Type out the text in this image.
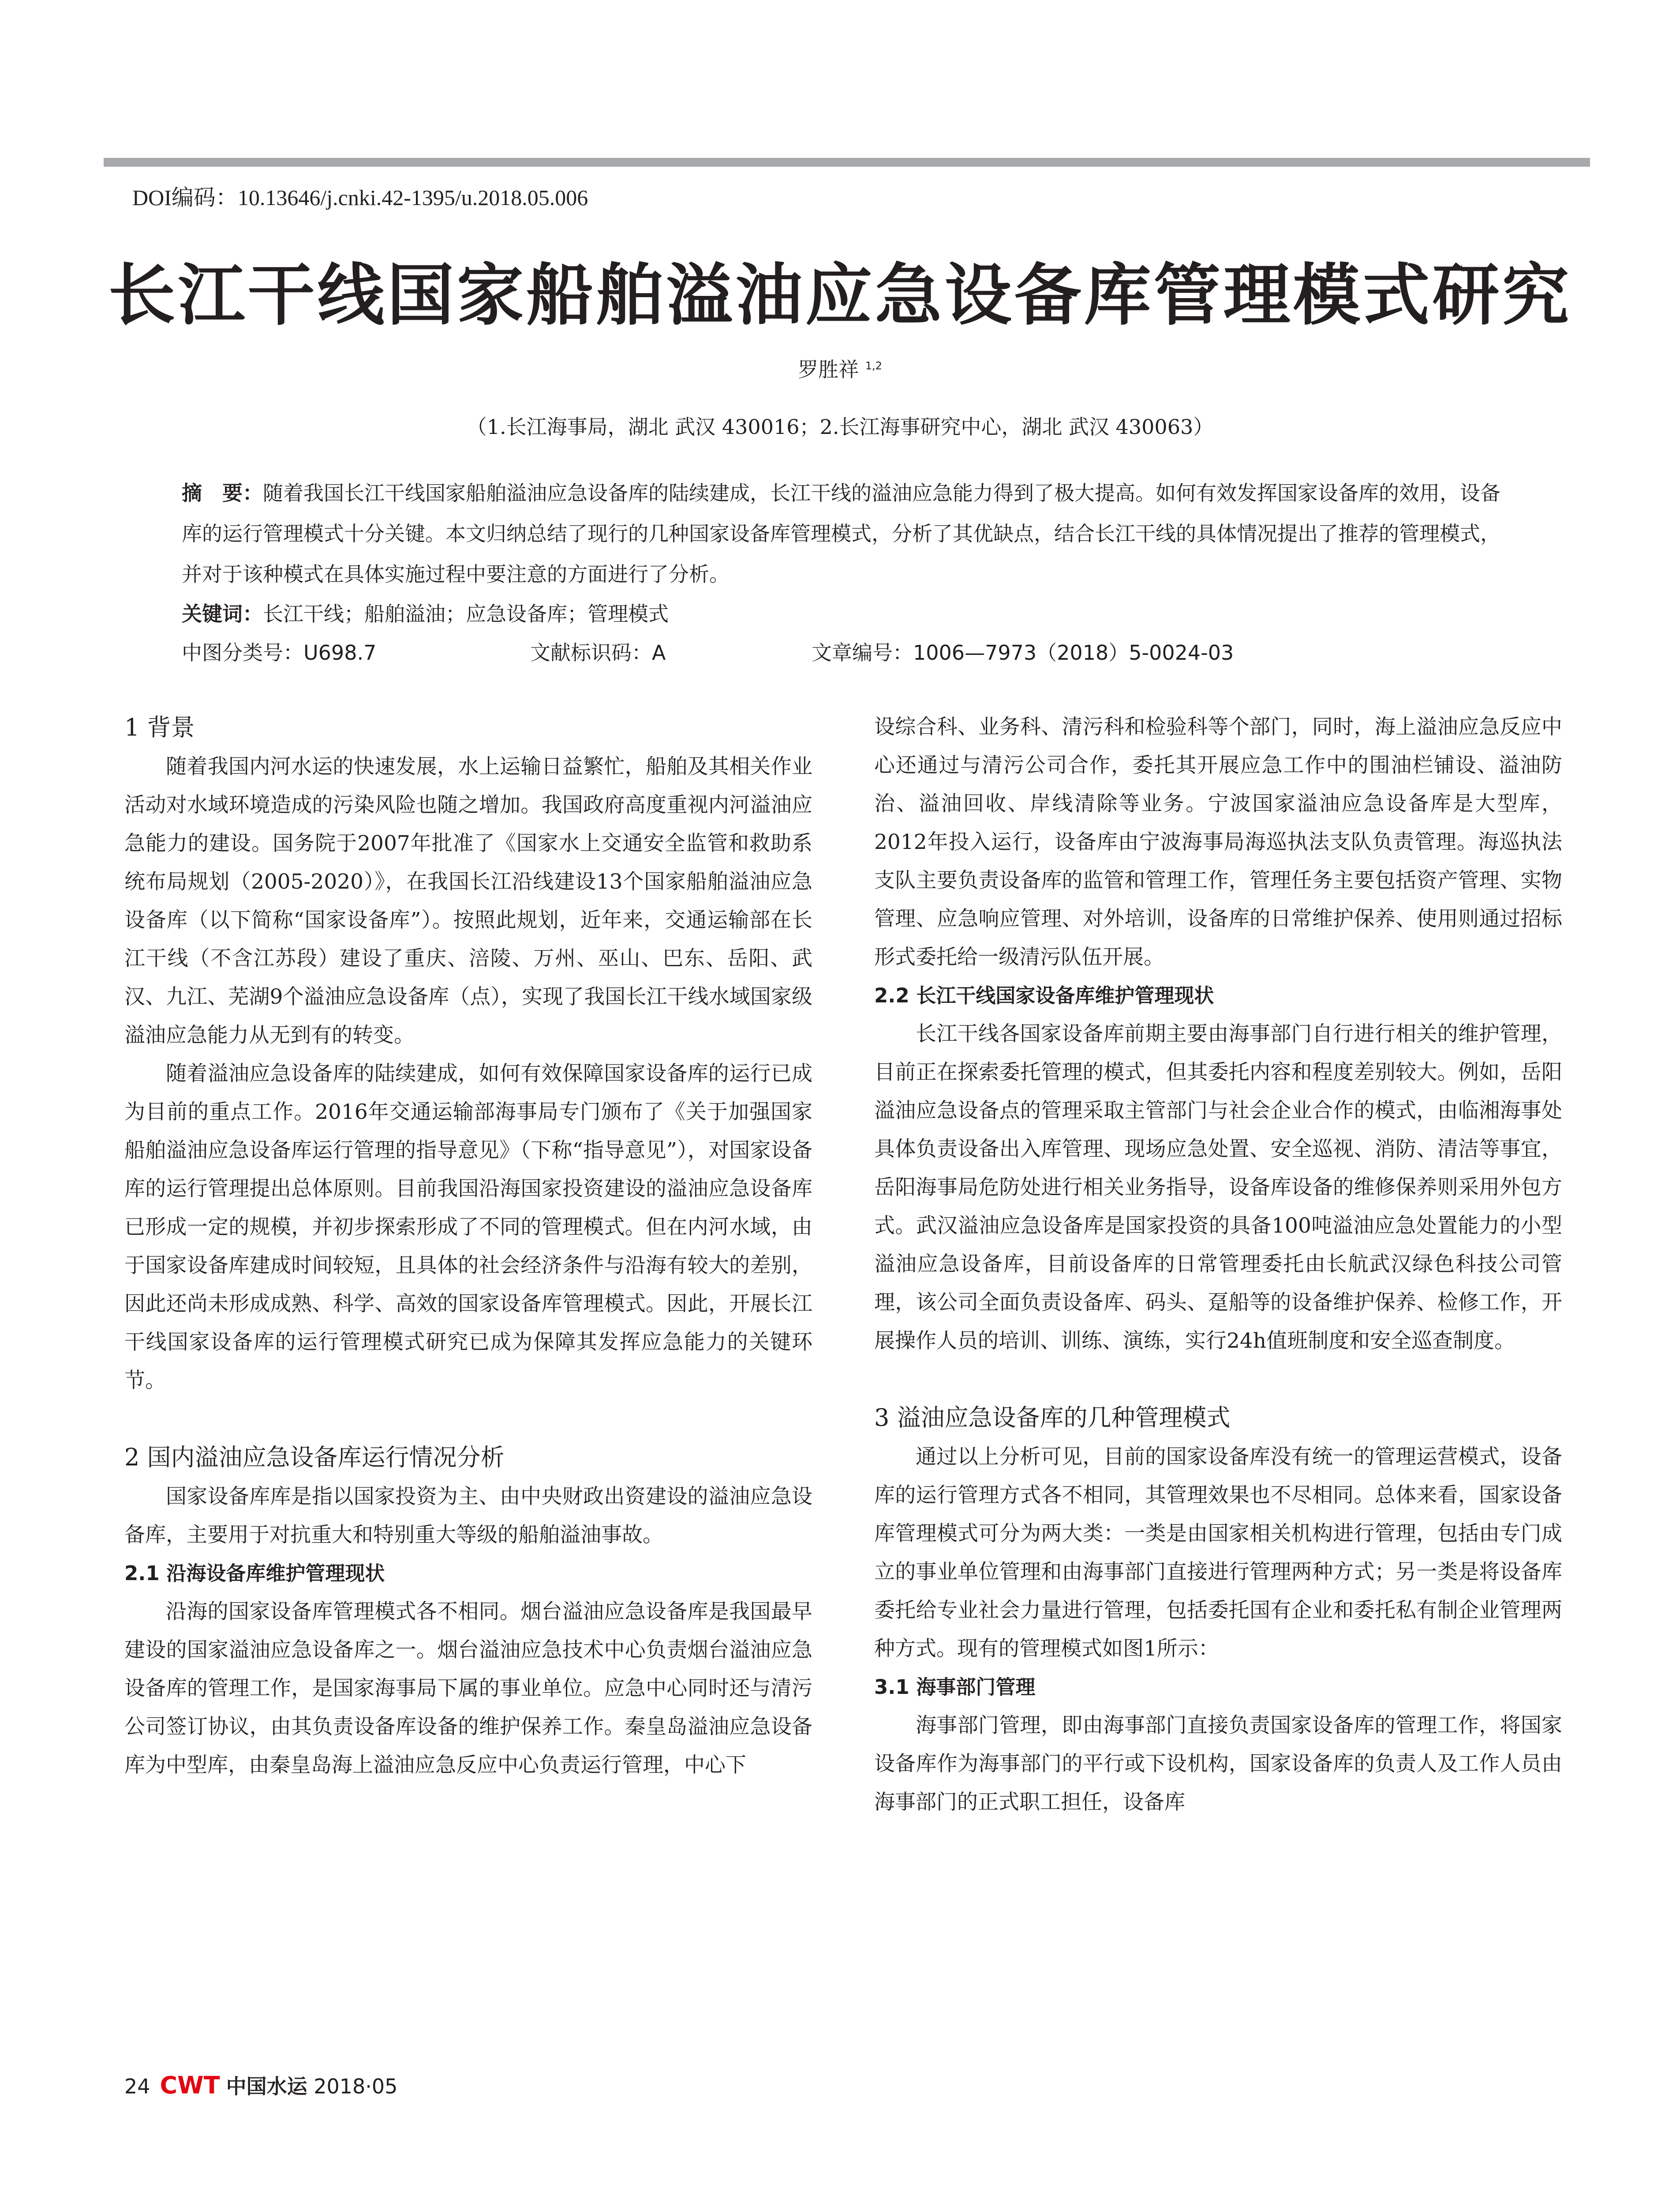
DOI编码：10.13646/j.cnki.42-1395/u.2018.05.006
长江干线国家船舶溢油应急设备库管理模式研究
罗胜祥 $^{1,2}$
（1.长江海事局，湖北 武汉 430016；2.长江海事研究中心，湖北 武汉 430063）
摘　要：随着我国长江干线国家船舶溢油应急设备库的陆续建成，长江干线的溢油应急能力得到了极大提高。如何有效发挥国家设备库的效用，设备库的运行管理模式十分关键。本文归纳总结了现行的几种国家设备库管理模式，分析了其优缺点，结合长江干线的具体情况提出了推荐的管理模式，并对于该种模式在具体实施过程中要注意的方面进行了分析。
关键词：长江干线；船舶溢油；应急设备库；管理模式
中图分类号：U698.7	文献标识码：A	文章编号：1006—7973（2018）5-0024-03
1 背景

随着我国内河水运的快速发展，水上运输日益繁忙，船舶及其相关作业活动对水域环境造成的污染风险也随之增加。我国政府高度重视内河溢油应急能力的建设。国务院于2007年批准了《国家水上交通安全监管和救助系统布局规划（2005-2020）》，在我国长江沿线建设13个国家船舶溢油应急设备库（以下简称“国家设备库”）。按照此规划，近年来，交通运输部在长江干线（不含江苏段）建设了重庆、涪陵、万州、巫山、巴东、岳阳、武汉、九江、芜湖9个溢油应急设备库（点），实现了我国长江干线水域国家级溢油应急能力从无到有的转变。

随着溢油应急设备库的陆续建成，如何有效保障国家设备库的运行已成为目前的重点工作。2016年交通运输部海事局专门颁布了《关于加强国家船舶溢油应急设备库运行管理的指导意见》（下称“指导意见”），对国家设备库的运行管理提出总体原则。目前我国沿海国家投资建设的溢油应急设备库已形成一定的规模，并初步探索形成了不同的管理模式。但在内河水域，由于国家设备库建成时间较短，且具体的社会经济条件与沿海有较大的差别，因此还尚未形成成熟、科学、高效的国家设备库管理模式。因此，开展长江干线国家设备库的运行管理模式研究已成为保障其发挥应急能力的关键环节。

2 国内溢油应急设备库运行情况分析

国家设备库库是指以国家投资为主、由中央财政出资建设的溢油应急设备库，主要用于对抗重大和特别重大等级的船舶溢油事故。

2.1 沿海设备库维护管理现状

沿海的国家设备库管理模式各不相同。烟台溢油应急设备库是我国最早建设的国家溢油应急设备库之一。烟台溢油应急技术中心负责烟台溢油应急设备库的管理工作，是国家海事局下属的事业单位。应急中心同时还与清污公司签订协议，由其负责设备库设备的维护保养工作。秦皇岛溢油应急设备库为中型库，由秦皇岛海上溢油应急反应中心负责运行管理，中心下

设综合科、业务科、清污科和检验科等个部门，同时，海上溢油应急反应中心还通过与清污公司合作，委托其开展应急工作中的围油栏铺设、溢油防治、溢油回收、岸线清除等业务。宁波国家溢油应急设备库是大型库，2012年投入运行，设备库由宁波海事局海巡执法支队负责管理。海巡执法支队主要负责设备库的监管和管理工作，管理任务主要包括资产管理、实物管理、应急响应管理、对外培训，设备库的日常维护保养、使用则通过招标形式委托给一级清污队伍开展。

2.2 长江干线国家设备库维护管理现状

长江干线各国家设备库前期主要由海事部门自行进行相关的维护管理，目前正在探索委托管理的模式，但其委托内容和程度差别较大。例如，岳阳溢油应急设备点的管理采取主管部门与社会企业合作的模式，由临湘海事处具体负责设备出入库管理、现场应急处置、安全巡视、消防、清洁等事宜，岳阳海事局危防处进行相关业务指导，设备库设备的维修保养则采用外包方式。武汉溢油应急设备库是国家投资的具备100吨溢油应急处置能力的小型溢油应急设备库，目前设备库的日常管理委托由长航武汉绿色科技公司管理，该公司全面负责设备库、码头、趸船等的设备维护保养、检修工作，开展操作人员的培训、训练、演练，实行24h值班制度和安全巡查制度。

3 溢油应急设备库的几种管理模式

通过以上分析可见，目前的国家设备库没有统一的管理运营模式，设备库的运行管理方式各不相同，其管理效果也不尽相同。总体来看，国家设备库管理模式可分为两大类：一类是由国家相关机构进行管理，包括由专门成立的事业单位管理和由海事部门直接进行管理两种方式；另一类是将设备库委托给专业社会力量进行管理，包括委托国有企业和委托私有制企业管理两种方式。现有的管理模式如图1所示：

3.1 海事部门管理

海事部门管理，即由海事部门直接负责国家设备库的管理工作，将国家设备库作为海事部门的平行或下设机构，国家设备库的负责人及工作人员由海事部门的正式职工担任，设备库

24 CWT 中国水运 2018·05
